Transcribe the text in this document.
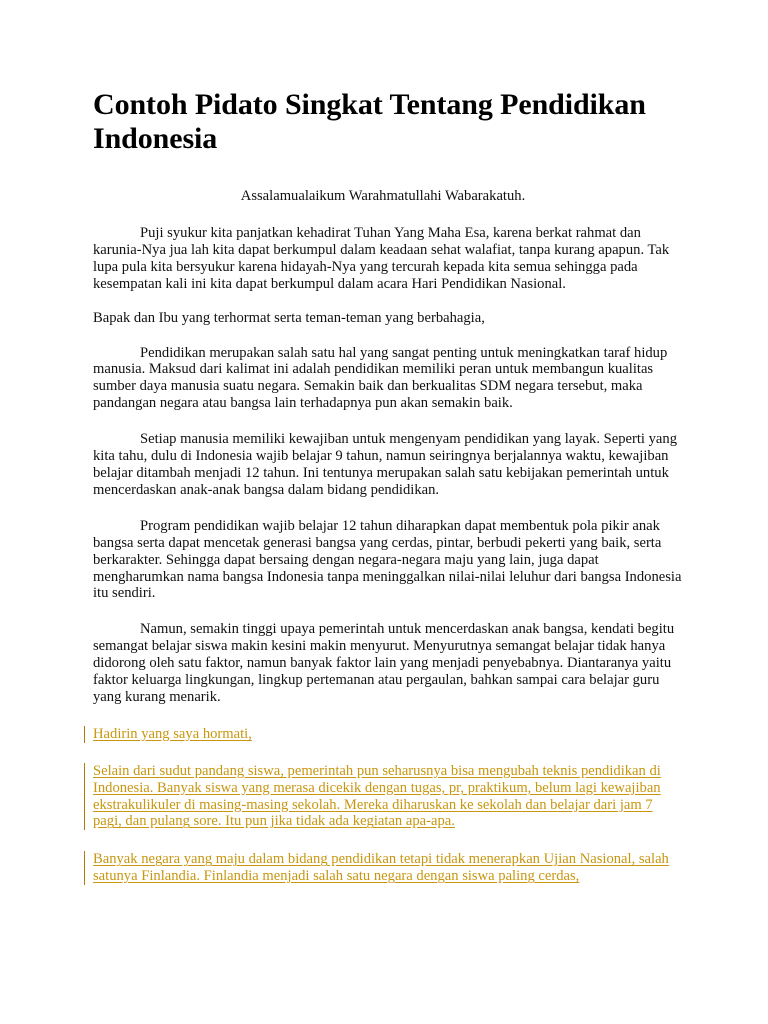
Contoh Pidato Singkat Tentang Pendidikan Indonesia

Assalamualaikum Warahmatullahi Wabarakatuh.

Puji syukur kita panjatkan kehadirat Tuhan Yang Maha Esa, karena berkat rahmat dan karunia-Nya jua lah kita dapat berkumpul dalam keadaan sehat walafiat, tanpa kurang apapun. Tak lupa pula kita bersyukur karena hidayah-Nya yang tercurah kepada kita semua sehingga pada kesempatan kali ini kita dapat berkumpul dalam acara Hari Pendidikan Nasional.

Bapak dan Ibu yang terhormat serta teman-teman yang berbahagia,

Pendidikan merupakan salah satu hal yang sangat penting untuk meningkatkan taraf hidup manusia. Maksud dari kalimat ini adalah pendidikan memiliki peran untuk membangun kualitas sumber daya manusia suatu negara. Semakin baik dan berkualitas SDM negara tersebut, maka pandangan negara atau bangsa lain terhadapnya pun akan semakin baik.

Setiap manusia memiliki kewajiban untuk mengenyam pendidikan yang layak. Seperti yang kita tahu, dulu di Indonesia wajib belajar 9 tahun, namun seiringnya berjalannya waktu, kewajiban belajar ditambah menjadi 12 tahun. Ini tentunya merupakan salah satu kebijakan pemerintah untuk mencerdaskan anak-anak bangsa dalam bidang pendidikan.

Program pendidikan wajib belajar 12 tahun diharapkan dapat membentuk pola pikir anak bangsa serta dapat mencetak generasi bangsa yang cerdas, pintar, berbudi pekerti yang baik, serta berkarakter. Sehingga dapat bersaing dengan negara-negara maju yang lain, juga dapat mengharumkan nama bangsa Indonesia tanpa meninggalkan nilai-nilai leluhur dari bangsa Indonesia itu sendiri.

Namun, semakin tinggi upaya pemerintah untuk mencerdaskan anak bangsa, kendati begitu semangat belajar siswa makin kesini makin menyurut. Menyurutnya semangat belajar tidak hanya didorong oleh satu faktor, namun banyak faktor lain yang menjadi penyebabnya. Diantaranya yaitu faktor keluarga lingkungan, lingkup pertemanan atau pergaulan, bahkan sampai cara belajar guru yang kurang menarik.

Hadirin yang saya hormati,

Selain dari sudut pandang siswa, pemerintah pun seharusnya bisa mengubah teknis pendidikan di Indonesia. Banyak siswa yang merasa dicekik dengan tugas, pr, praktikum, belum lagi kewajiban ekstrakulikuler di masing-masing sekolah. Mereka diharuskan ke sekolah dan belajar dari jam 7 pagi, dan pulang sore. Itu pun jika tidak ada kegiatan apa-apa.

Banyak negara yang maju dalam bidang pendidikan tetapi tidak menerapkan Ujian Nasional, salah satunya Finlandia. Finlandia menjadi salah satu negara dengan siswa paling cerdas,
